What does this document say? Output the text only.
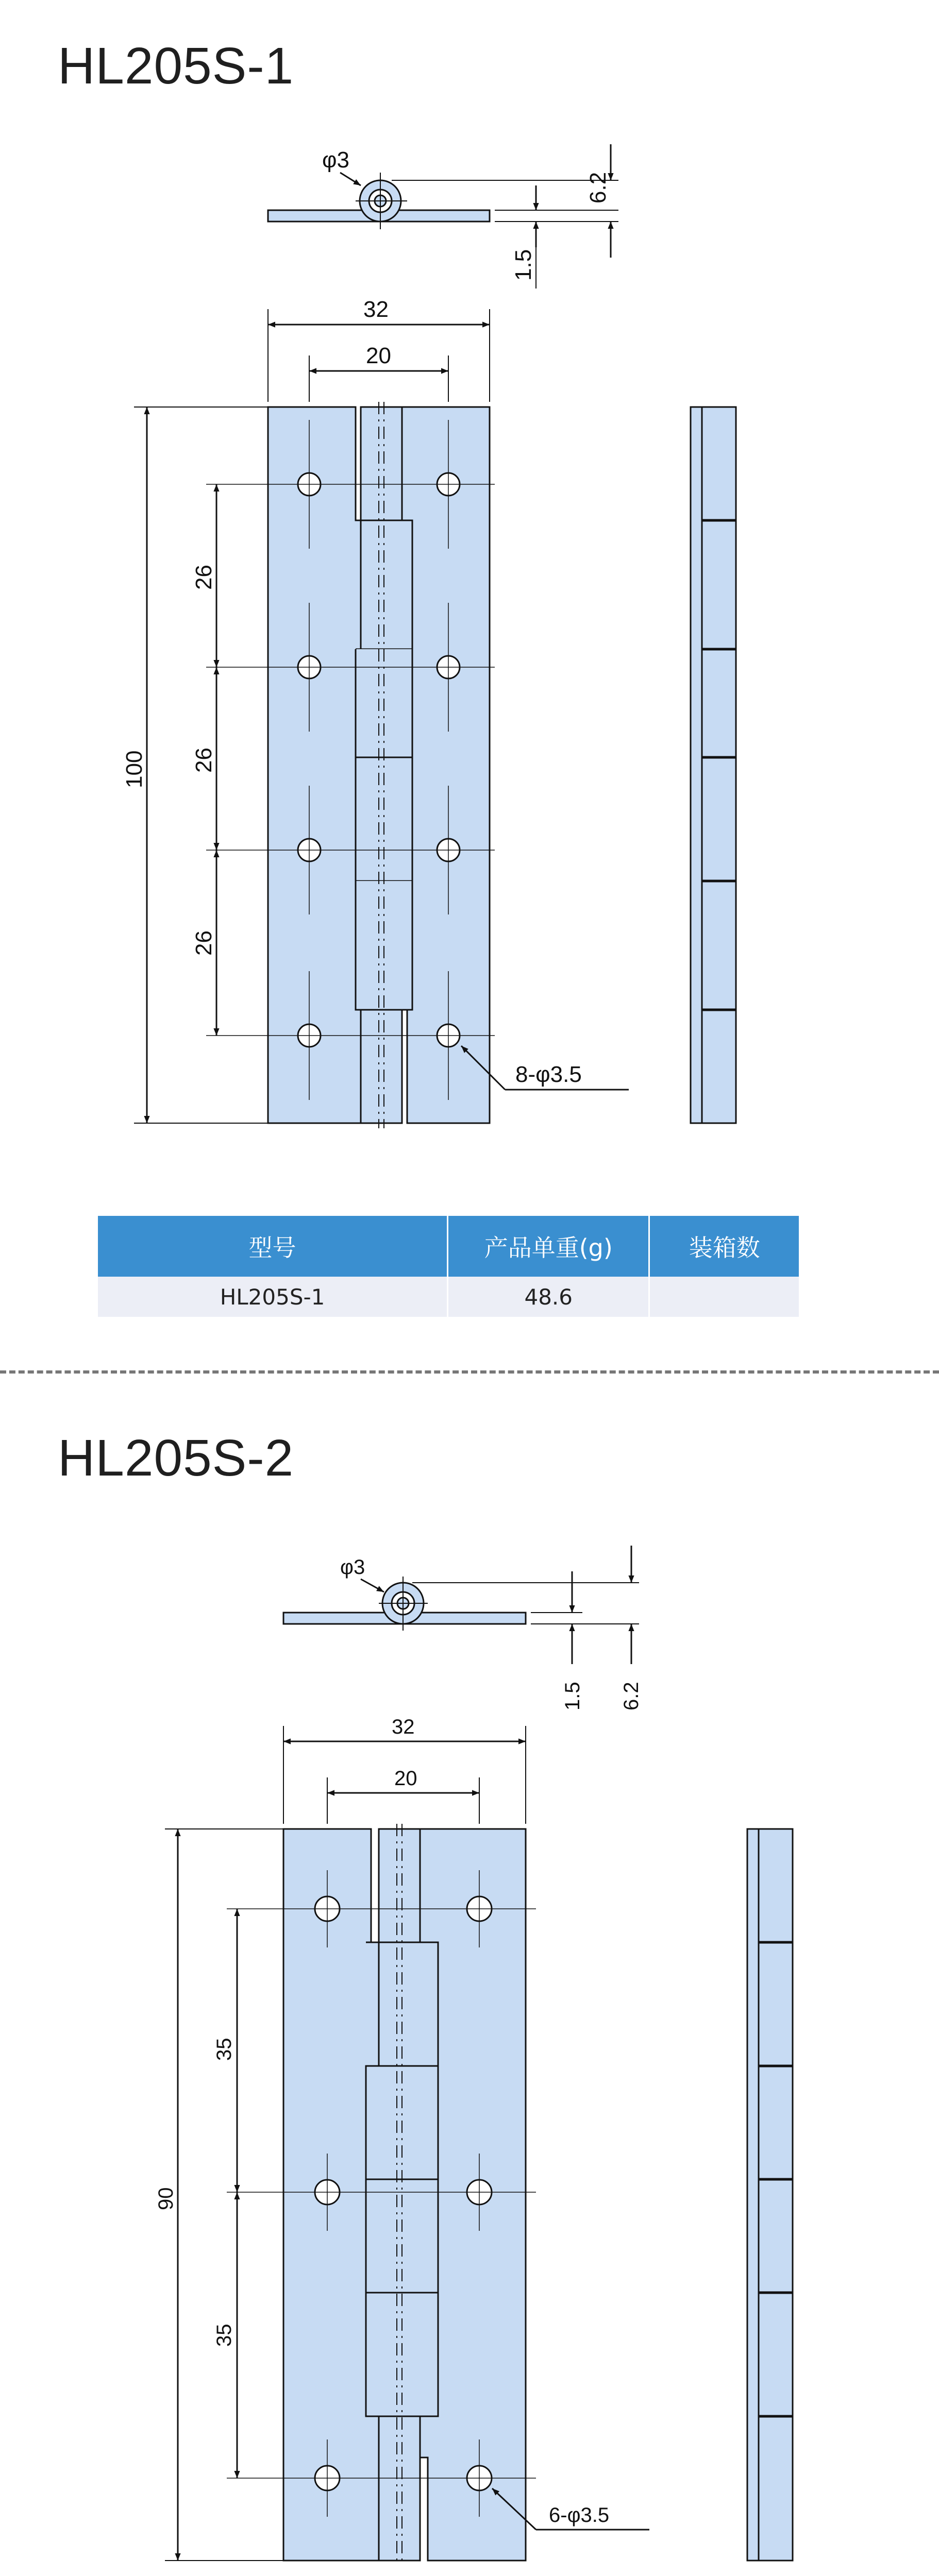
HL205S-1
φ3
6.2
1.5
32
20
100
26
26
26
8-φ3.5
型号	产品单重(g)	装箱数
HL205S-1	48.6	
HL205S-2
φ3
6.2
1.5
32
20
90
35
35
6-φ3.5
